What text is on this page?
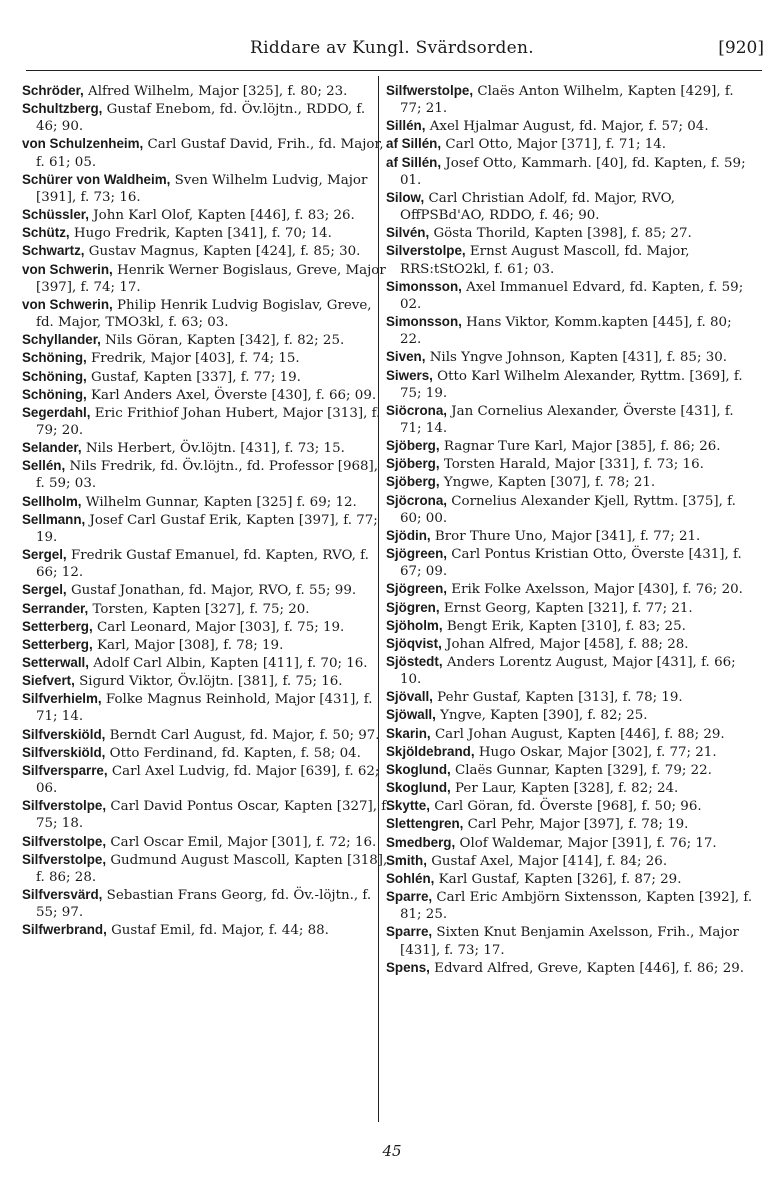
Riddare av Kungl. Svärdsorden.	[920]
Schröder, Alfred Wilhelm, Major [325], f. 80; 23.
Schultzberg, Gustaf Enebom, fd. Öv.löjtn., RDDO, f. 46; 90.
von Schulzenheim, Carl Gustaf David, Frih., fd. Major, f. 61; 05.
Schürer von Waldheim, Sven Wilhelm Ludvig, Major [391], f. 73; 16.
Schüssler, John Karl Olof, Kapten [446], f. 83; 26.
Schütz, Hugo Fredrik, Kapten [341], f. 70; 14.
Schwartz, Gustav Magnus, Kapten [424], f. 85; 30.
von Schwerin, Henrik Werner Bogislaus, Greve, Major [397], f. 74; 17.
von Schwerin, Philip Henrik Ludvig Bogislav, Greve, fd. Major, TMO3kl, f. 63; 03.
Schyllander, Nils Göran, Kapten [342], f. 82; 25.
Schöning, Fredrik, Major [403], f. 74; 15.
Schöning, Gustaf, Kapten [337], f. 77; 19.
Schöning, Karl Anders Axel, Överste [430], f. 66; 09.
Segerdahl, Eric Frithiof Johan Hubert, Major [313], f. 79; 20.
Selander, Nils Herbert, Öv.löjtn. [431], f. 73; 15.
Sellén, Nils Fredrik, fd. Öv.löjtn., fd. Professor [968], f. 59; 03.
Sellholm, Wilhelm Gunnar, Kapten [325] f. 69; 12.
Sellmann, Josef Carl Gustaf Erik, Kapten [397], f. 77; 19.
Sergel, Fredrik Gustaf Emanuel, fd. Kapten, RVO, f. 66; 12.
Sergel, Gustaf Jonathan, fd. Major, RVO, f. 55; 99.
Serrander, Torsten, Kapten [327], f. 75; 20.
Setterberg, Carl Leonard, Major [303], f. 75; 19.
Setterberg, Karl, Major [308], f. 78; 19.
Setterwall, Adolf Carl Albin, Kapten [411], f. 70; 16.
Siefvert, Sigurd Viktor, Öv.löjtn. [381], f. 75; 16.
Silfverhielm, Folke Magnus Reinhold, Major [431], f. 71; 14.
Silfverskiöld, Berndt Carl August, fd. Major, f. 50; 97.
Silfverskiöld, Otto Ferdinand, fd. Kapten, f. 58; 04.
Silfversparre, Carl Axel Ludvig, fd. Major [639], f. 62; 06.
Silfverstolpe, Carl David Pontus Oscar, Kapten [327], f. 75; 18.
Silfverstolpe, Carl Oscar Emil, Major [301], f. 72; 16.
Silfverstolpe, Gudmund August Mascoll, Kapten [318], f. 86; 28.
Silfversvärd, Sebastian Frans Georg, fd. Öv.-löjtn., f. 55; 97.
Silfwerbrand, Gustaf Emil, fd. Major, f. 44; 88.
Silfwerstolpe, Claës Anton Wilhelm, Kapten [429], f. 77; 21.
Sillén, Axel Hjalmar August, fd. Major, f. 57; 04.
af Sillén, Carl Otto, Major [371], f. 71; 14.
af Sillén, Josef Otto, Kammarh. [40], fd. Kapten, f. 59; 01.
Silow, Carl Christian Adolf, fd. Major, RVO, OffPSBd'AO, RDDO, f. 46; 90.
Silvén, Gösta Thorild, Kapten [398], f. 85; 27.
Silverstolpe, Ernst August Mascoll, fd. Major, RRS:tStO2kl, f. 61; 03.
Simonsson, Axel Immanuel Edvard, fd. Kapten, f. 59; 02.
Simonsson, Hans Viktor, Komm.kapten [445], f. 80; 22.
Siven, Nils Yngve Johnson, Kapten [431], f. 85; 30.
Siwers, Otto Karl Wilhelm Alexander, Ryttm. [369], f. 75; 19.
Siöcrona, Jan Cornelius Alexander, Överste [431], f. 71; 14.
Sjöberg, Ragnar Ture Karl, Major [385], f. 86; 26.
Sjöberg, Torsten Harald, Major [331], f. 73; 16.
Sjöberg, Yngwe, Kapten [307], f. 78; 21.
Sjöcrona, Cornelius Alexander Kjell, Ryttm. [375], f. 60; 00.
Sjödin, Bror Thure Uno, Major [341], f. 77; 21.
Sjögreen, Carl Pontus Kristian Otto, Överste [431], f. 67; 09.
Sjögreen, Erik Folke Axelsson, Major [430], f. 76; 20.
Sjögren, Ernst Georg, Kapten [321], f. 77; 21.
Sjöholm, Bengt Erik, Kapten [310], f. 83; 25.
Sjöqvist, Johan Alfred, Major [458], f. 88; 28.
Sjöstedt, Anders Lorentz August, Major [431], f. 66; 10.
Sjövall, Pehr Gustaf, Kapten [313], f. 78; 19.
Sjöwall, Yngve, Kapten [390], f. 82; 25.
Skarin, Carl Johan August, Kapten [446], f. 88; 29.
Skjöldebrand, Hugo Oskar, Major [302], f. 77; 21.
Skoglund, Claës Gunnar, Kapten [329], f. 79; 22.
Skoglund, Per Laur, Kapten [328], f. 82; 24.
Skytte, Carl Göran, fd. Överste [968], f. 50; 96.
Slettengren, Carl Pehr, Major [397], f. 78; 19.
Smedberg, Olof Waldemar, Major [391], f. 76; 17.
Smith, Gustaf Axel, Major [414], f. 84; 26.
Sohlén, Karl Gustaf, Kapten [326], f. 87; 29.
Sparre, Carl Eric Ambjörn Sixtensson, Kapten [392], f. 81; 25.
Sparre, Sixten Knut Benjamin Axelsson, Frih., Major [431], f. 73; 17.
Spens, Edvard Alfred, Greve, Kapten [446], f. 86; 29.
45
